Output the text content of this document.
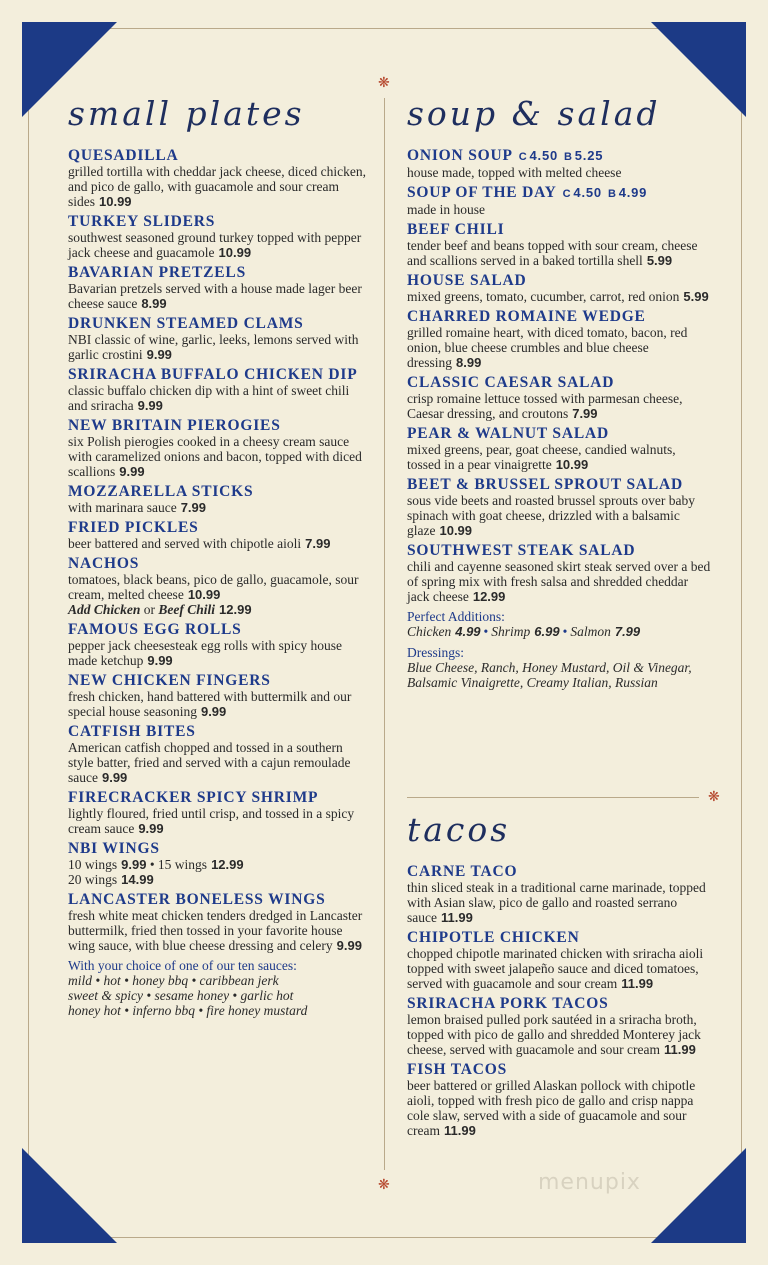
❋
❋
❋
small plates
QUESADILLA
grilled tortilla with cheddar jack cheese, diced chicken, and pico de gallo, with guacamole and sour cream sides 10.99
TURKEY SLIDERS
southwest seasoned ground turkey topped with pepper jack cheese and guacamole 10.99
BAVARIAN PRETZELS
Bavarian pretzels served with a house made lager beer cheese sauce 8.99
DRUNKEN STEAMED CLAMS
NBI classic of wine, garlic, leeks, lemons served with garlic crostini 9.99
SRIRACHA BUFFALO CHICKEN DIP
classic buffalo chicken dip with a hint of sweet chili and sriracha 9.99
NEW BRITAIN PIEROGIES
six Polish pierogies cooked in a cheesy cream sauce with caramelized onions and bacon, topped with diced scallions 9.99
MOZZARELLA STICKS
with marinara sauce 7.99
FRIED PICKLES
beer battered and served with chipotle aioli 7.99
NACHOS
tomatoes, black beans, pico de gallo, guacamole, sour cream, melted cheese 10.99
Add Chicken or Beef Chili 12.99
FAMOUS EGG ROLLS
pepper jack cheesesteak egg rolls with spicy house made ketchup 9.99
NEW CHICKEN FINGERS
fresh chicken, hand battered with buttermilk and our special house seasoning 9.99
CATFISH BITES
American catfish chopped and tossed in a southern style batter, fried and served with a cajun remoulade sauce 9.99
FIRECRACKER SPICY SHRIMP
lightly floured, fried until crisp, and tossed in a spicy cream sauce 9.99
NBI WINGS
10 wings 9.99 • 15 wings 12.99
20 wings 14.99
LANCASTER BONELESS WINGS
fresh white meat chicken tenders dredged in Lancaster buttermilk, fried then tossed in your favorite house wing sauce, with blue cheese dressing and celery 9.99
With your choice of one of our ten sauces:
mild • hot • honey bbq • caribbean jerk
sweet & spicy • sesame honey • garlic hot
honey hot • inferno bbq • fire honey mustard
soup & salad
ONION SOUP C 4.50 B 5.25
house made, topped with melted cheese
SOUP OF THE DAY C 4.50 B 4.99
made in house
BEEF CHILI
tender beef and beans topped with sour cream, cheese and scallions served in a baked tortilla shell 5.99
HOUSE SALAD
mixed greens, tomato, cucumber, carrot, red onion 5.99
CHARRED ROMAINE WEDGE
grilled romaine heart, with diced tomato, bacon, red onion, blue cheese crumbles and blue cheese dressing 8.99
CLASSIC CAESAR SALAD
crisp romaine lettuce tossed with parmesan cheese, Caesar dressing, and croutons 7.99
PEAR & WALNUT SALAD
mixed greens, pear, goat cheese, candied walnuts, tossed in a pear vinaigrette 10.99
BEET & BRUSSEL SPROUT SALAD
sous vide beets and roasted brussel sprouts over baby spinach with goat cheese, drizzled with a balsamic glaze 10.99
SOUTHWEST STEAK SALAD
chili and cayenne seasoned skirt steak served over a bed of spring mix with fresh salsa and shredded cheddar jack cheese 12.99
Perfect Additions:
Chicken 4.99 • Shrimp 6.99 • Salmon 7.99
Dressings:
Blue Cheese, Ranch, Honey Mustard, Oil & Vinegar, Balsamic Vinaigrette, Creamy Italian, Russian
tacos
CARNE TACO
thin sliced steak in a traditional carne marinade, topped with Asian slaw, pico de gallo and roasted serrano sauce 11.99
CHIPOTLE CHICKEN
chopped chipotle marinated chicken with sriracha aioli topped with sweet jalapeño sauce and diced tomatoes, served with guacamole and sour cream 11.99
SRIRACHA PORK TACOS
lemon braised pulled pork sautéed in a sriracha broth, topped with pico de gallo and shredded Monterey jack cheese, served with guacamole and sour cream 11.99
FISH TACOS
beer battered or grilled Alaskan pollock with chipotle aioli, topped with fresh pico de gallo and crisp nappa cole slaw, served with a side of guacamole and sour cream 11.99
menupix
